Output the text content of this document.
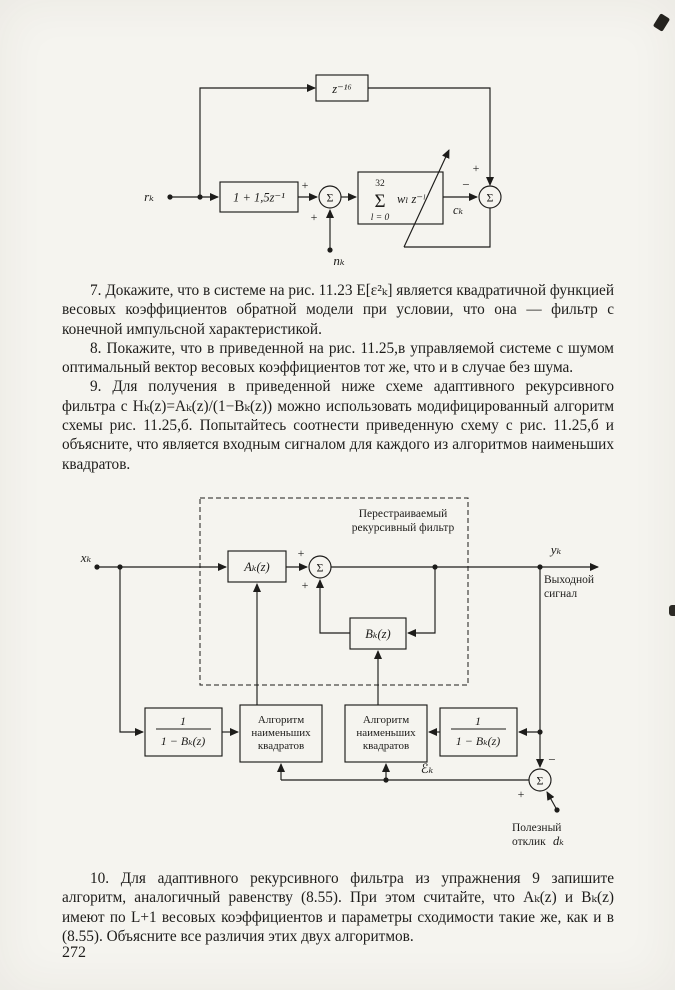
z⁻¹⁶
rₖ	1 + 1,5z⁻¹	Σ
+
+
32
Σ
l = 0
wₗ z⁻ˡ
cₖ
−
+
Σ
nₖ

7. Докажите, что в системе на рис. 11.23 E[ε²ₖ] является квадратичной функцией весовых коэффициентов обратной модели при условии, что она — фильтр с конечной импульсной характеристикой.

8. Покажите, что в приведенной на рис. 11.25,в управляемой системе с шумом оптимальный вектор весовых коэффициентов тот же, что и в случае без шума.

9. Для получения в приведенной ниже схеме адаптивного рекурсивного фильтра с Hₖ(z)=Aₖ(z)/(1−Bₖ(z)) можно использовать модифицированный алгоритм схемы рис. 11.25,б. Попытайтесь соотнести приведенную схему с рис. 11.25,б и объясните, что является входным сигналом для каждого из алгоритмов наименьших квадратов.

Перестраиваемый
рекурсивный фильтр
xₖ
Aₖ(z)
+
Σ
+
yₖ
Выходной
сигнал
Bₖ(z)
1
1 − Bₖ(z)
1
1 − Bₖ(z)
Алгоритм
наименьших
квадратов
Алгоритм
наименьших
квадратов
ℰₖ
−
Σ
+
Полезный
отклик dₖ

10. Для адаптивного рекурсивного фильтра из упражнения 9 запишите алгоритм, аналогичный равенству (8.55). При этом считайте, что Aₖ(z) и Bₖ(z) имеют по L+1 весовых коэффициентов и параметры сходимости такие же, как и в (8.55). Объясните все различия этих двух алгоритмов.

272
